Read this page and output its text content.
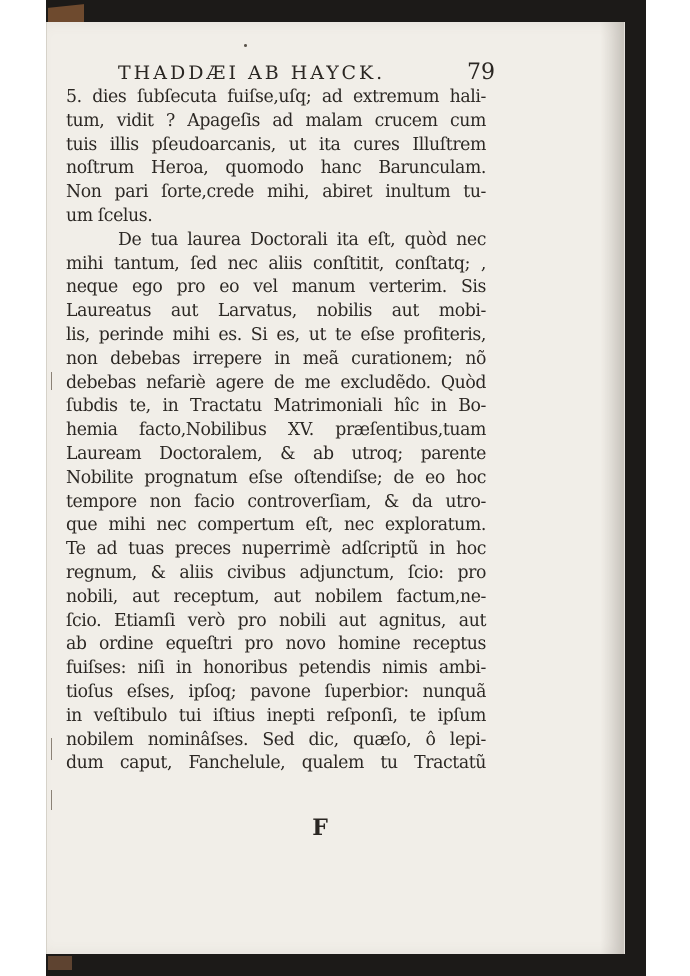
THADDÆI AB HAYCK.	79
5. dies ſubſecuta fuiſse,uſq; ad extremum hali-
tum, vidit ? Apageſis ad malam crucem cum
tuis illis pſeudoarcanis, ut ita cures Illuſtrem
noſtrum Heroa, quomodo hanc Barunculam.
Non pari ſorte,crede mihi, abiret inultum tu-
um ſcelus.
De tua laurea Doctorali ita eſt, quòd nec
mihi tantum, ſed nec aliis conſtitit, conſtatq; ,
neque ego pro eo vel manum verterim. Sis
Laureatus aut Larvatus, nobilis aut mobi-
lis, perinde mihi es. Si es, ut te eſse profiteris,
non debebas irrepere in meã curationem; nõ
debebas nefariè agere de me excludẽdo. Quòd
ſubdis te, in Tractatu Matrimoniali hîc in Bo-
hemia facto,Nobilibus XV. præſentibus,tuam
Lauream Doctoralem, & ab utroq; parente
Nobilite prognatum eſse oſtendiſse; de eo hoc
tempore non facio controverſiam, & da utro-
que mihi nec compertum eſt, nec exploratum.
Te ad tuas preces nuperrimè adſcriptũ in hoc
regnum, & aliis civibus adjunctum, ſcio: pro
nobili, aut receptum, aut nobilem factum,ne-
ſcio. Etiamſi verò pro nobili aut agnitus, aut
ab ordine equeſtri pro novo homine receptus
fuiſses: niſi in honoribus petendis nimis ambi-
tioſus eſses, ipſoq; pavone ſuperbior: nunquã
in veſtibulo tui iſtius inepti reſponſi, te ipſum
nobilem nominâſses. Sed dic, quæſo, ô lepi-
dum caput, Fanchelule, qualem tu Tractatũ
F
